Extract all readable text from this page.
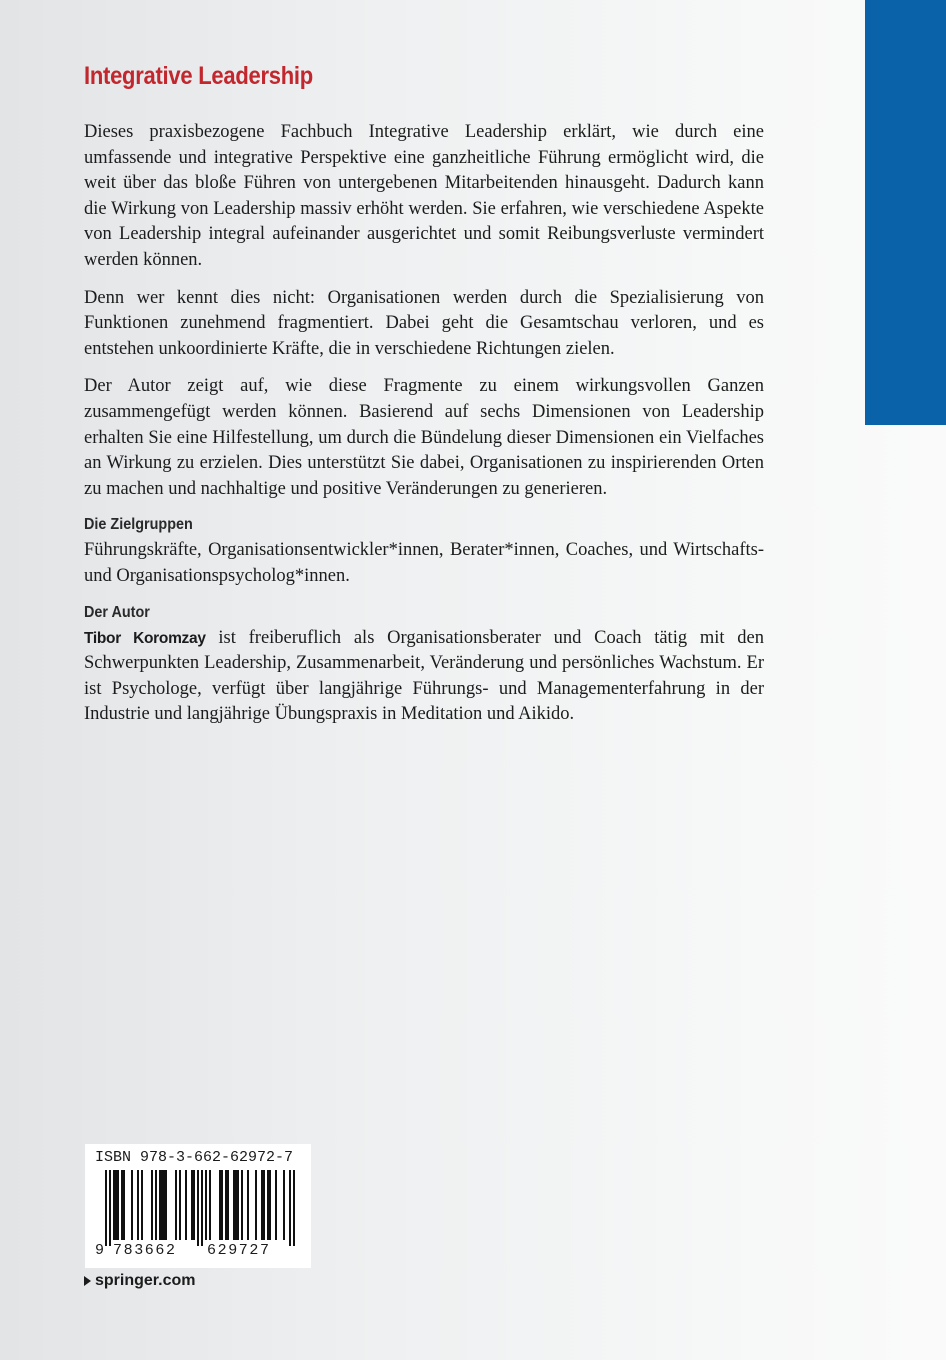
Integrative Leadership

Dieses praxisbezogene Fachbuch Integrative Leadership erklärt, wie durch eine umfassende und integrative Perspektive eine ganzheitliche Führung ermöglicht wird, die weit über das bloße Führen von untergebenen Mitarbeitenden hinausgeht. Dadurch kann die Wirkung von Leadership massiv erhöht werden. Sie erfahren, wie verschiedene Aspekte von Leadership integral aufeinander ausgerichtet und somit Reibungsverluste vermindert werden können.

Denn wer kennt dies nicht: Organisationen werden durch die Spezialisierung von Funktionen zunehmend fragmentiert. Dabei geht die Gesamtschau verloren, und es entstehen unkoordinierte Kräfte, die in verschiedene Richtungen zielen.

Der Autor zeigt auf, wie diese Fragmente zu einem wirkungsvollen Ganzen zusammengefügt werden können. Basierend auf sechs Dimensionen von Leadership erhalten Sie eine Hilfestellung, um durch die Bündelung dieser Dimensionen ein Vielfaches an Wirkung zu erzielen. Dies unterstützt Sie dabei, Organisationen zu inspirierenden Orten zu machen und nachhaltige und positive Veränderungen zu generieren.

Die Zielgruppen

Führungskräfte, Organisationsentwickler*innen, Berater*innen, Coaches, und Wirtschafts- und Organisationspsycholog*innen.

Der Autor

Tibor Koromzay ist freiberuflich als Organisationsberater und Coach tätig mit den Schwerpunkten Leadership, Zusammenarbeit, Veränderung und persönliches Wachstum. Er ist Psychologe, verfügt über langjährige Führungs- und Managementerfahrung in der Industrie und langjährige Übungspraxis in Meditation und Aikido.

ISBN 978-3-662-62972-7
9 783662 629727
springer.com
